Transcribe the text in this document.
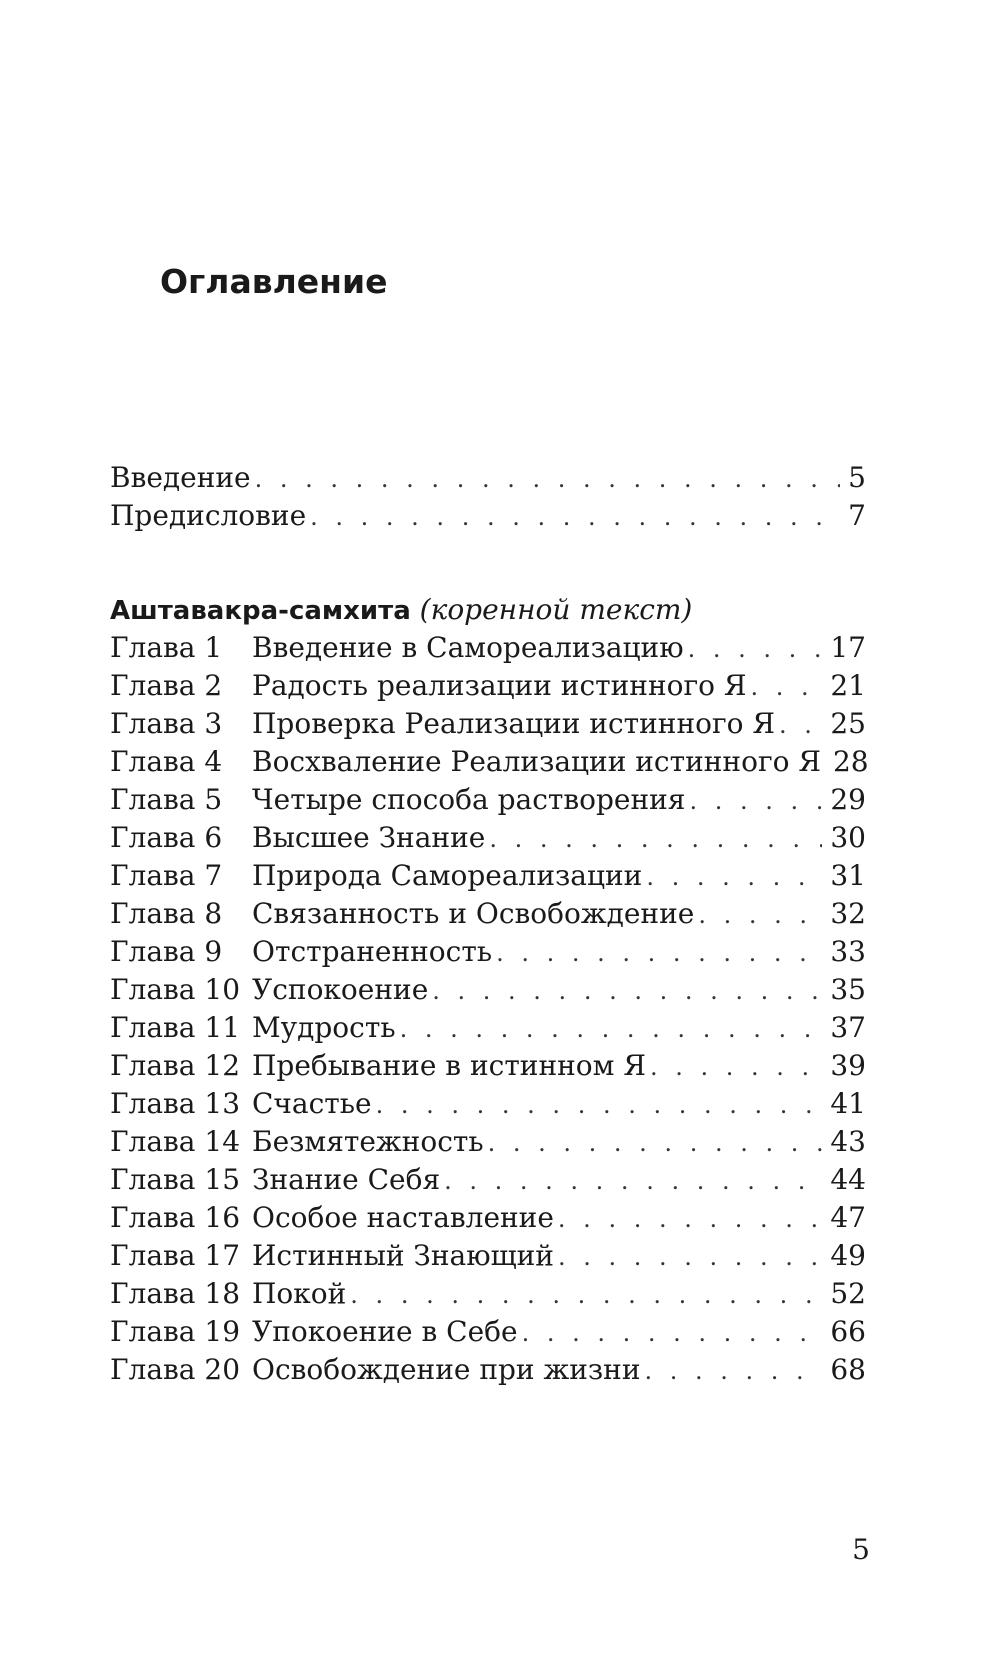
Оглавление
Введение . . .	5
Предисловие . . .	7
Аштавакра-самхита (коренной текст)
Глава 1	Введение в Самореализацию . . .	17
Глава 2	Радость реализации истинного Я . . .	21
Глава 3	Проверка Реализации истинного Я . . . 25
Глава 4	Восхваление Реализации истинного Я 28
Глава 5	Четыре способа растворения . . .	29
Глава 6	Высшее Знание . . .	30
Глава 7	Природа Самореализации . . .	31
Глава 8	Связанность и Освобождение . . .	32
Глава 9	Отстраненность . . .	33
Глава 10 Успокоение . . .	35
Глава 11 Мудрость . . .	37
Глава 12 Пребывание в истинном Я . . .	39
Глава 13 Счастье . . .	41
Глава 14 Безмятежность . . .	43
Глава 15 Знание Себя . . .	44
Глава 16 Особое наставление . . .	47
Глава 17 Истинный Знающий . . .	49
Глава 18 Покой . . .	52
Глава 19 Упокоение в Себе . . .	66
Глава 20 Освобождение при жизни . . .	68
5
